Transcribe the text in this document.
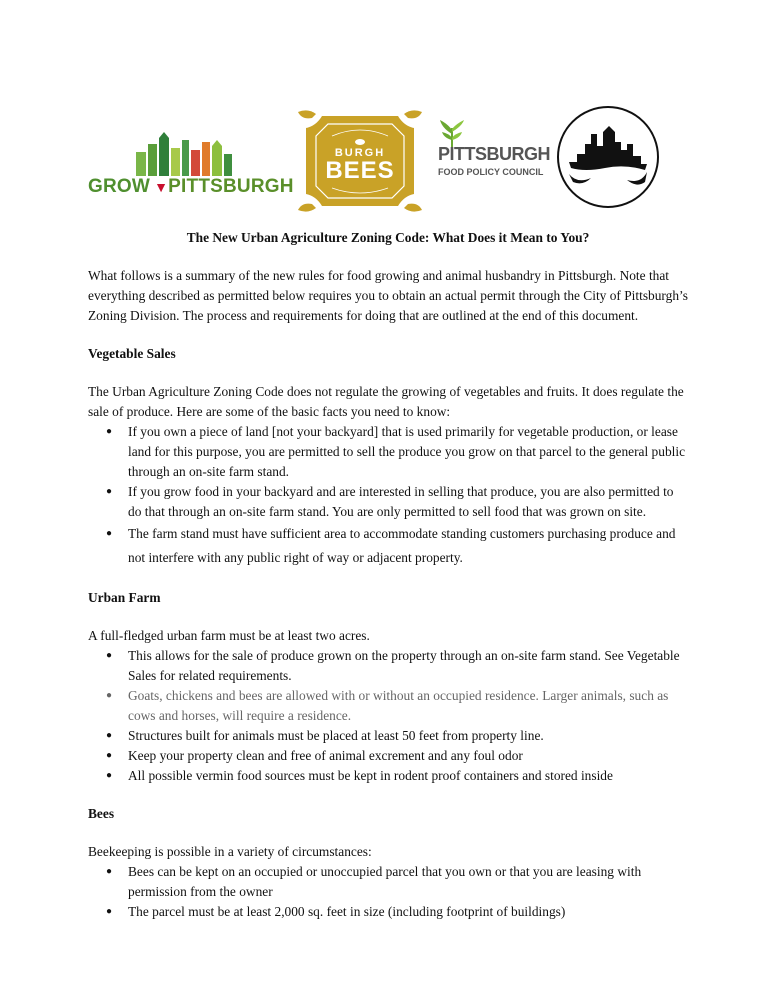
GROW ▼PITTSBURGH
BURGH
BEES
PITTSBURGH
FOOD POLICY COUNCIL
The New Urban Agriculture Zoning Code: What Does it Mean to You?

What follows is a summary of the new rules for food growing and animal husbandry in Pittsburgh. Note that everything described as permitted below requires you to obtain an actual permit through the City of Pittsburgh’s Zoning Division. The process and requirements for doing that are outlined at the end of this document.

Vegetable Sales

The Urban Agriculture Zoning Code does not regulate the growing of vegetables and fruits. It does regulate the sale of produce. Here are some of the basic facts you need to know:

● If you own a piece of land [not your backyard] that is used primarily for vegetable production, or lease land for this purpose, you are permitted to sell the produce you grow on that parcel to the general public through an on-site farm stand.
● If you grow food in your backyard and are interested in selling that produce, you are also permitted to do that through an on-site farm stand. You are only permitted to sell food that was grown on site.
● The farm stand must have sufficient area to accommodate standing customers purchasing produce and not interfere with any public right of way or adjacent property.
Urban Farm

A full-fledged urban farm must be at least two acres.

● This allows for the sale of produce grown on the property through an on-site farm stand. See Vegetable Sales for related requirements.
● Goats, chickens and bees are allowed with or without an occupied residence. Larger animals, such as cows and horses, will require a residence.
● Structures built for animals must be placed at least 50 feet from property line.
● Keep your property clean and free of animal excrement and any foul odor
● All possible vermin food sources must be kept in rodent proof containers and stored inside
Bees

Beekeeping is possible in a variety of circumstances:

● Bees can be kept on an occupied or unoccupied parcel that you own or that you are leasing with permission from the owner
● The parcel must be at least 2,000 sq. feet in size (including footprint of buildings)
